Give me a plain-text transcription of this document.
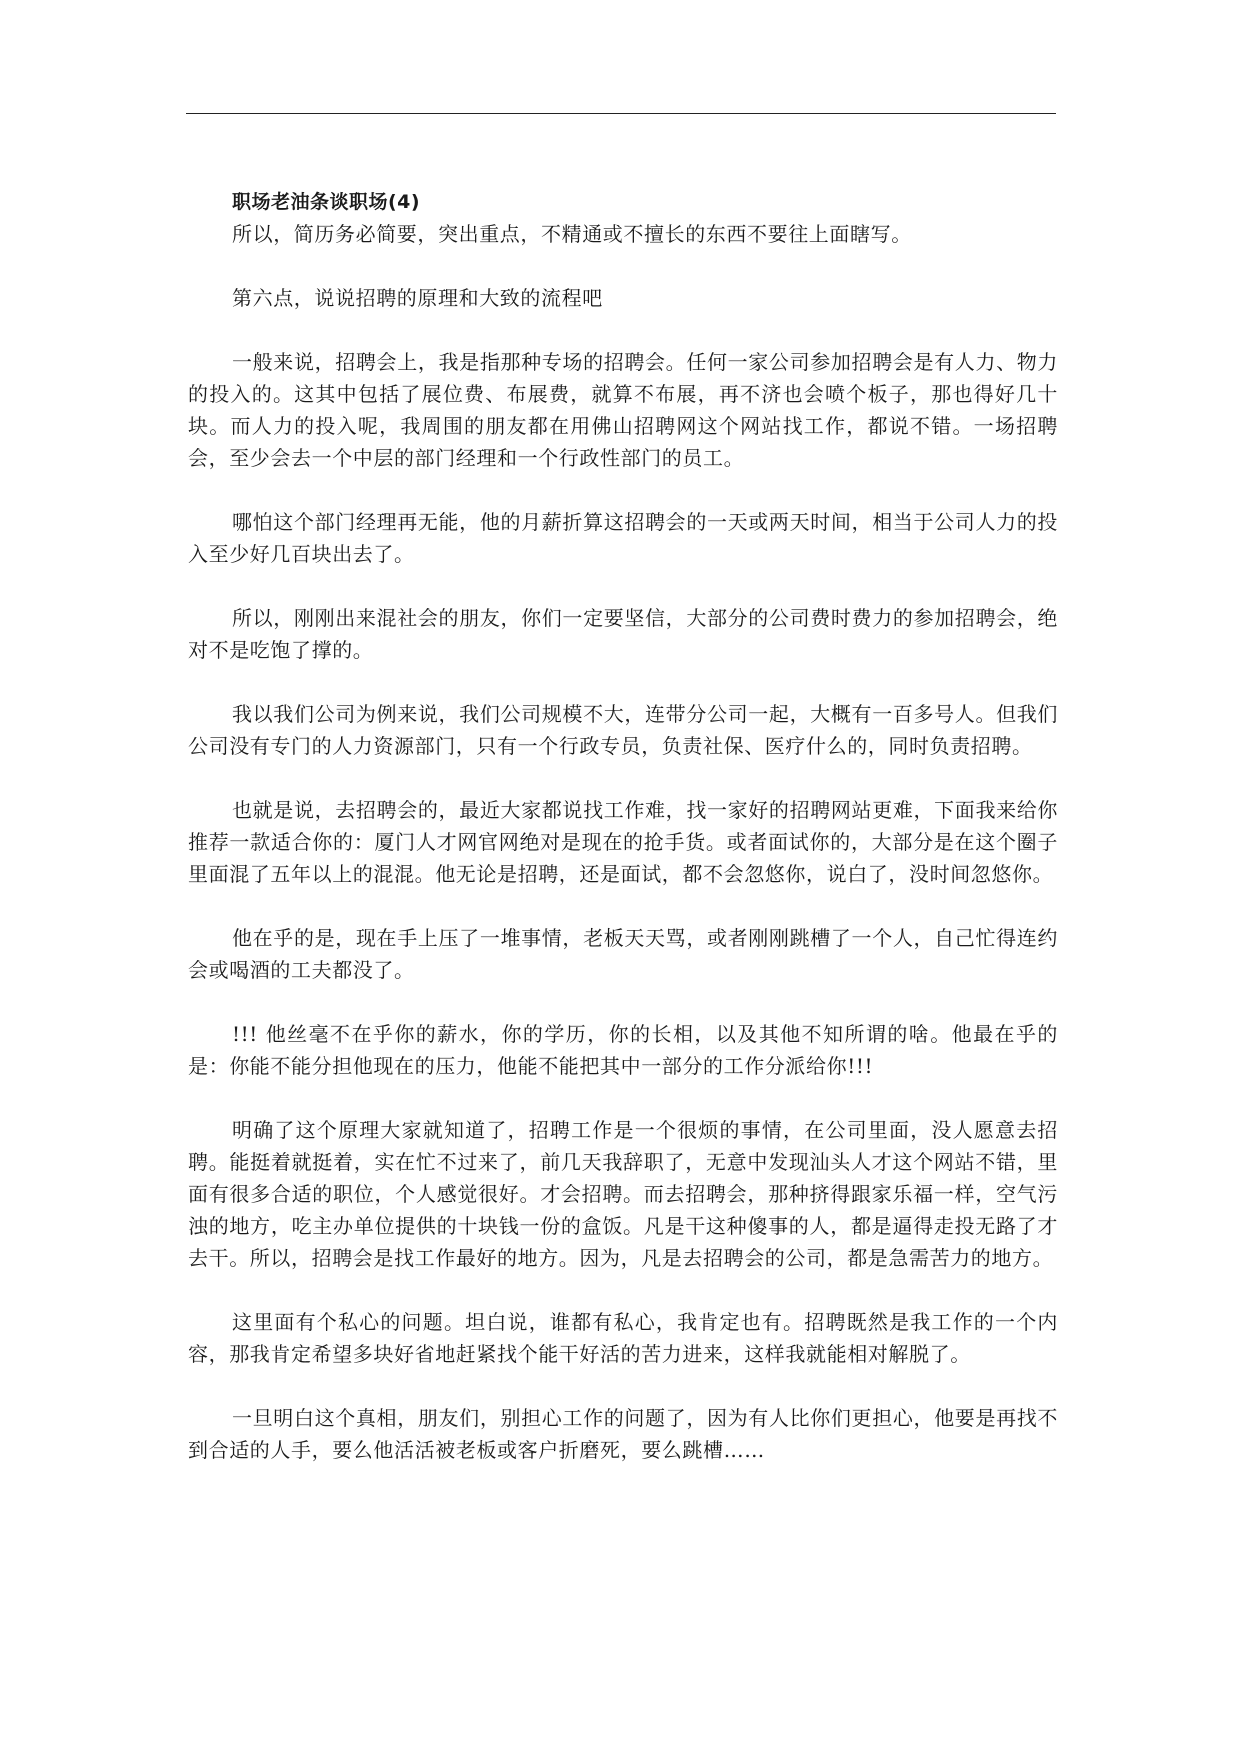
职场老油条谈职场(4)

所以，简历务必简要，突出重点，不精通或不擅长的东西不要往上面瞎写。

第六点，说说招聘的原理和大致的流程吧

一般来说，招聘会上，我是指那种专场的招聘会。任何一家公司参加招聘会是有人力、物力的投入的。这其中包括了展位费、布展费，就算不布展，再不济也会喷个板子，那也得好几十块。而人力的投入呢，我周围的朋友都在用佛山招聘网这个网站找工作，都说不错。一场招聘会，至少会去一个中层的部门经理和一个行政性部门的员工。

哪怕这个部门经理再无能，他的月薪折算这招聘会的一天或两天时间，相当于公司人力的投入至少好几百块出去了。

所以，刚刚出来混社会的朋友，你们一定要坚信，大部分的公司费时费力的参加招聘会，绝对不是吃饱了撑的。

我以我们公司为例来说，我们公司规模不大，连带分公司一起，大概有一百多号人。但我们公司没有专门的人力资源部门，只有一个行政专员，负责社保、医疗什么的，同时负责招聘。

也就是说，去招聘会的，最近大家都说找工作难，找一家好的招聘网站更难，下面我来给你推荐一款适合你的：厦门人才网官网绝对是现在的抢手货。或者面试你的，大部分是在这个圈子里面混了五年以上的混混。他无论是招聘，还是面试，都不会忽悠你，说白了，没时间忽悠你。

他在乎的是，现在手上压了一堆事情，老板天天骂，或者刚刚跳槽了一个人，自己忙得连约会或喝酒的工夫都没了。

!!! 他丝毫不在乎你的薪水，你的学历，你的长相，以及其他不知所谓的啥。他最在乎的是：你能不能分担他现在的压力，他能不能把其中一部分的工作分派给你!!!

明确了这个原理大家就知道了，招聘工作是一个很烦的事情，在公司里面，没人愿意去招聘。能挺着就挺着，实在忙不过来了，前几天我辞职了，无意中发现汕头人才这个网站不错，里面有很多合适的职位，个人感觉很好。才会招聘。而去招聘会，那种挤得跟家乐福一样，空气污浊的地方，吃主办单位提供的十块钱一份的盒饭。凡是干这种傻事的人，都是逼得走投无路了才去干。所以，招聘会是找工作最好的地方。因为，凡是去招聘会的公司，都是急需苦力的地方。

这里面有个私心的问题。坦白说，谁都有私心，我肯定也有。招聘既然是我工作的一个内容，那我肯定希望多块好省地赶紧找个能干好活的苦力进来，这样我就能相对解脱了。

一旦明白这个真相，朋友们，别担心工作的问题了，因为有人比你们更担心，他要是再找不到合适的人手，要么他活活被老板或客户折磨死，要么跳槽……
